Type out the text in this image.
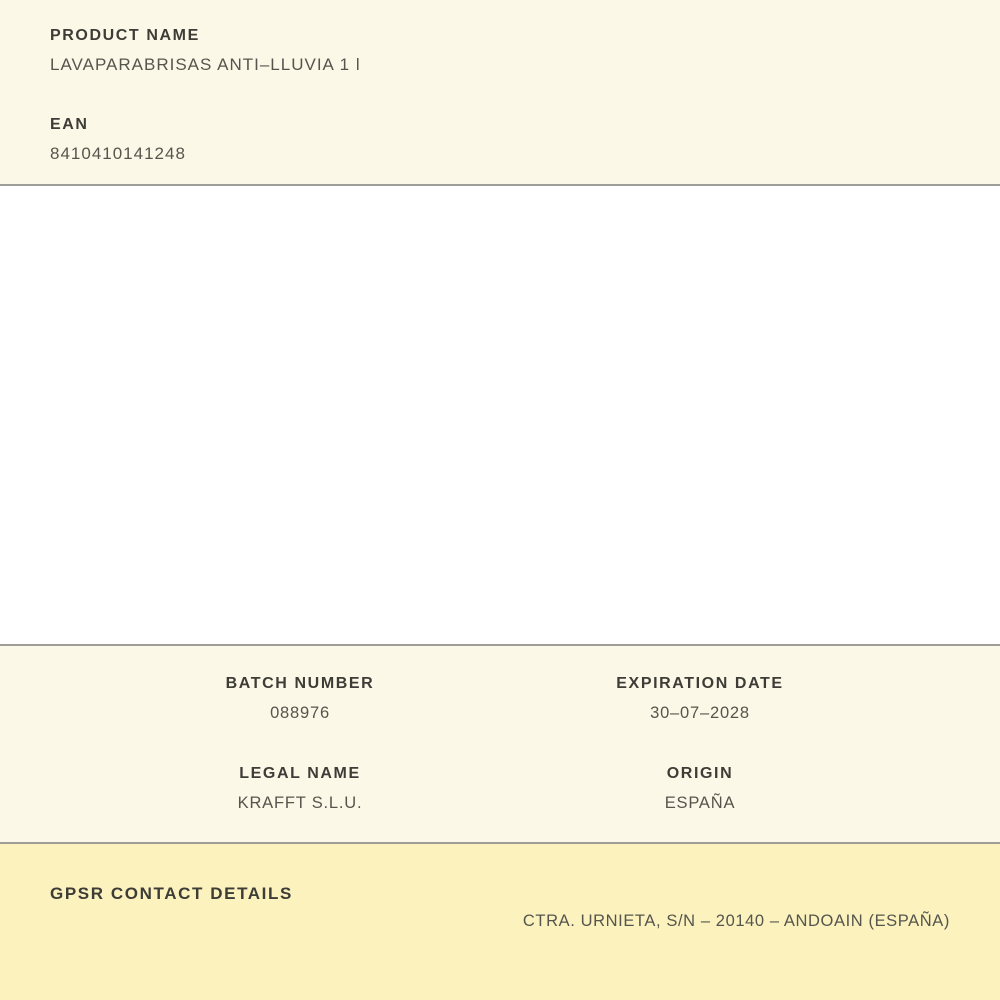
PRODUCT NAME
LAVAPARABRISAS ANTI–LLUVIA 1 l
EAN
8410410141248
BATCH NUMBER
088976
EXPIRATION DATE
30–07–2028
LEGAL NAME
KRAFFT S.L.U.
ORIGIN
ESPAÑA
GPSR CONTACT DETAILS
CTRA. URNIETA, S/N – 20140 – ANDOAIN (ESPAÑA)
